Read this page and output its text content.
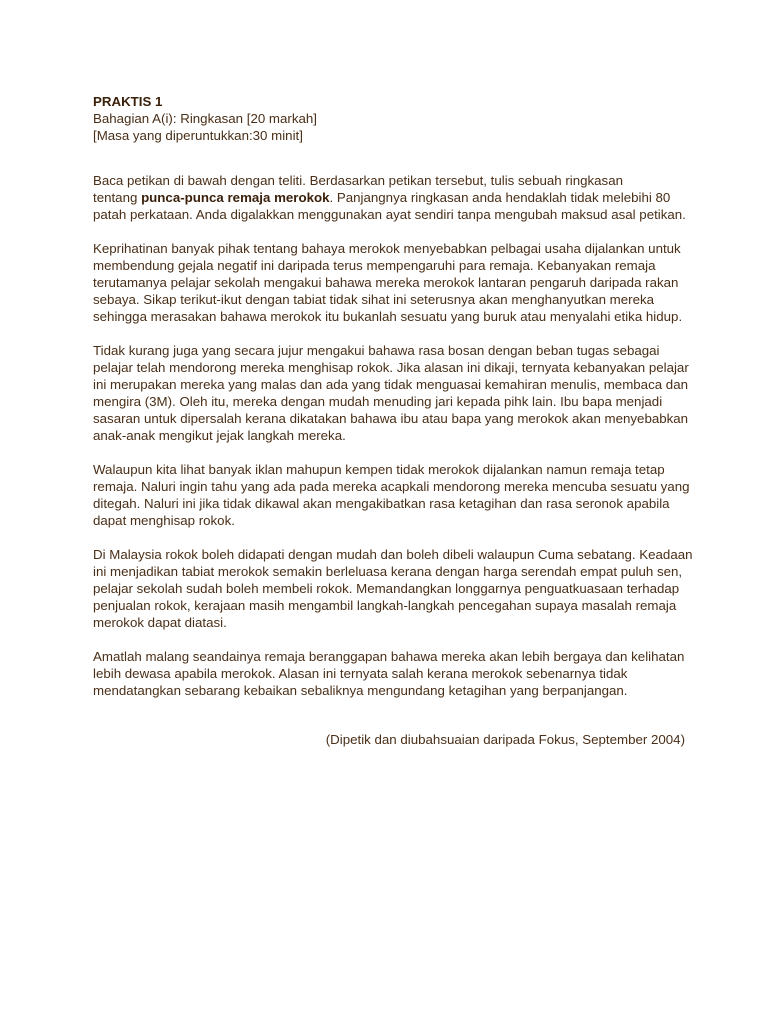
PRAKTIS 1
Bahagian A(i): Ringkasan [20 markah]
[Masa yang diperuntukkan:30 minit]
Baca petikan di bawah dengan teliti. Berdasarkan petikan tersebut, tulis sebuah ringkasan
tentang punca-punca remaja merokok. Panjangnya ringkasan anda hendaklah tidak melebihi 80
patah perkataan. Anda digalakkan menggunakan ayat sendiri tanpa mengubah maksud asal petikan.
Keprihatinan banyak pihak tentang bahaya merokok menyebabkan pelbagai usaha dijalankan untuk
membendung gejala negatif ini daripada terus mempengaruhi para remaja. Kebanyakan remaja
terutamanya pelajar sekolah mengakui bahawa mereka merokok lantaran pengaruh daripada rakan
sebaya. Sikap terikut-ikut dengan tabiat tidak sihat ini seterusnya akan menghanyutkan mereka
sehingga merasakan bahawa merokok itu bukanlah sesuatu yang buruk atau menyalahi etika hidup.
Tidak kurang juga yang secara jujur mengakui bahawa rasa bosan dengan beban tugas sebagai
pelajar telah mendorong mereka menghisap rokok. Jika alasan ini dikaji, ternyata kebanyakan pelajar
ini merupakan mereka yang malas dan ada yang tidak menguasai kemahiran menulis, membaca dan
mengira (3M). Oleh itu, mereka dengan mudah menuding jari kepada pihk lain. Ibu bapa menjadi
sasaran untuk dipersalah kerana dikatakan bahawa ibu atau bapa yang merokok akan menyebabkan
anak-anak mengikut jejak langkah mereka.
Walaupun kita lihat banyak iklan mahupun kempen tidak merokok dijalankan namun remaja tetap
remaja. Naluri ingin tahu yang ada pada mereka acapkali mendorong mereka mencuba sesuatu yang
ditegah. Naluri ini jika tidak dikawal akan mengakibatkan rasa ketagihan dan rasa seronok apabila
dapat menghisap rokok.
Di Malaysia rokok boleh didapati dengan mudah dan boleh dibeli walaupun Cuma sebatang. Keadaan
ini menjadikan tabiat merokok semakin berleluasa kerana dengan harga serendah empat puluh sen,
pelajar sekolah sudah boleh membeli rokok. Memandangkan longgarnya penguatkuasaan terhadap
penjualan rokok, kerajaan masih mengambil langkah-langkah pencegahan supaya masalah remaja
merokok dapat diatasi.
Amatlah malang seandainya remaja beranggapan bahawa mereka akan lebih bergaya dan kelihatan
lebih dewasa apabila merokok. Alasan ini ternyata salah kerana merokok sebenarnya tidak
mendatangkan sebarang kebaikan sebaliknya mengundang ketagihan yang berpanjangan.
(Dipetik dan diubahsuaian daripada Fokus, September 2004)
